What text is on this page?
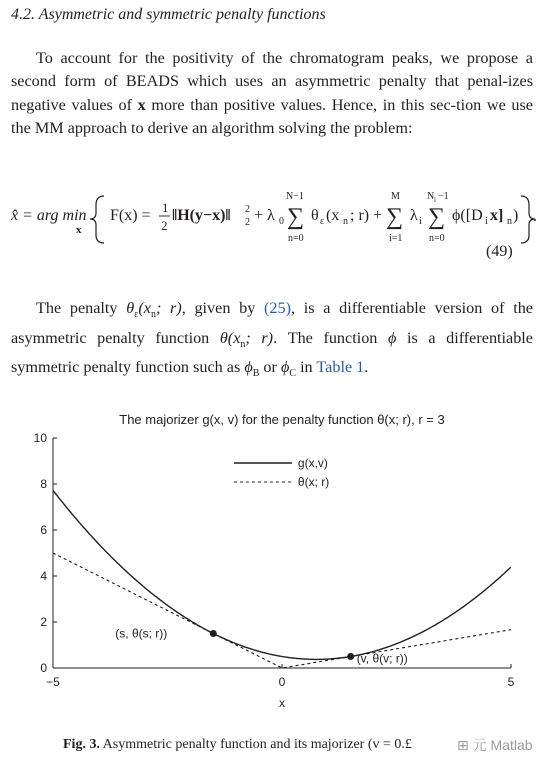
4.2. Asymmetric and symmetric penalty functions
To account for the positivity of the chromatogram peaks, we propose a second form of BEADS which uses an asymmetric penalty that penal-izes negative values of x more than positive values. Hence, in this sec-tion we use the MM approach to derive an algorithm solving the problem:
x̂ = arg min
x
F(x) = 1
2
‖H(y−x)‖ 2
2 + λ 0
N−1
∑
n=0
θ ε (x n ; r) +
M
∑
i=1
λ i
N i −1
∑
n=0
ϕ([D i x] n ) .
(49)
The penalty $\theta_\varepsilon(x_n$; r), given by (25), is a differentiable version of the asymmetric penalty function $\theta(x_n$; r). The function ϕ is a differentiable symmetric penalty function such as $\phi_B$ or $\phi_C$ in Table 1.
The majorizer g(x, v) for the penalty function θ(x; r), r = 3
0
2
4
6
8
10
−5	0	5
x
(s, θ(s; r))
(v, θ(v; r))
g(x,v)
θ(x; r)
Fig. 3. Asymmetric penalty function and its majorizer (v = 0.£	⊞ 元 Matlab
